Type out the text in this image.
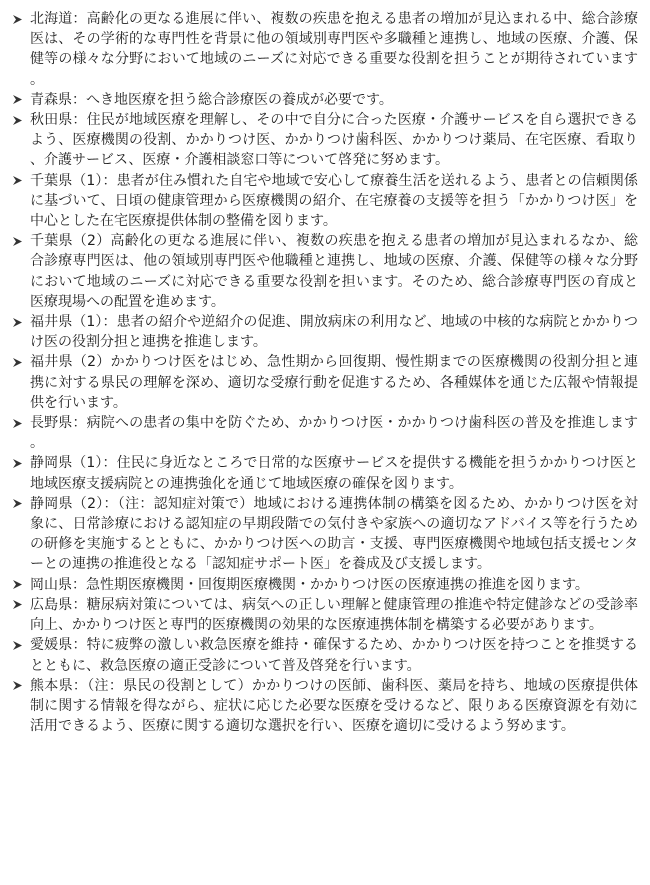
北海道：高齢化の更なる進展に伴い、複数の疾患を抱える患者の増加が見込まれる中、総合診療医は、その学術的な専門性を背景に他の領域別専門医や多職種と連携し、地域の医療、介護、保健等の様々な分野において地域のニーズに対応できる重要な役割を担うことが期待されています。
青森県：へき地医療を担う総合診療医の養成が必要です。
秋田県：住民が地域医療を理解し、その中で自分に合った医療・介護サービスを自ら選択できるよう、医療機関の役割、かかりつけ医、かかりつけ歯科医、かかりつけ薬局、在宅医療、看取り、介護サービス、医療・介護相談窓口等について啓発に努めます。
千葉県（1）：患者が住み慣れた自宅や地域で安心して療養生活を送れるよう、患者との信頼関係に基づいて、日頃の健康管理から医療機関の紹介、在宅療養の支援等を担う「かかりつけ医」を中心とした在宅医療提供体制の整備を図ります。
千葉県（2）高齢化の更なる進展に伴い、複数の疾患を抱える患者の増加が見込まれるなか、総合診療専門医は、他の領域別専門医や他職種と連携し、地域の医療、介護、保健等の様々な分野において地域のニーズに対応できる重要な役割を担います。そのため、総合診療専門医の育成と医療現場への配置を進めます。
福井県（1）：患者の紹介や逆紹介の促進、開放病床の利用など、地域の中核的な病院とかかりつけ医の役割分担と連携を推進します。
福井県（2）かかりつけ医をはじめ、急性期から回復期、慢性期までの医療機関の役割分担と連携に対する県民の理解を深め、適切な受療行動を促進するため、各種媒体を通じた広報や情報提供を行います。
長野県：病院への患者の集中を防ぐため、かかりつけ医・かかりつけ歯科医の普及を推進します。
静岡県（1）：住民に身近なところで日常的な医療サービスを提供する機能を担うかかりつけ医と地域医療支援病院との連携強化を通じて地域医療の確保を図ります。
静岡県（2）：（注：認知症対策で）地域における連携体制の構築を図るため、かかりつけ医を対象に、日常診療における認知症の早期段階での気付きや家族への適切なアドバイス等を行うための研修を実施するとともに、かかりつけ医への助言・支援、専門医療機関や地域包括支援センターとの連携の推進役となる「認知症サポート医」を養成及び支援します。
岡山県：急性期医療機関・回復期医療機関・かかりつけ医の医療連携の推進を図ります。
広島県：糖尿病対策については、病気への正しい理解と健康管理の推進や特定健診などの受診率向上、かかりつけ医と専門的医療機関の効果的な医療連携体制を構築する必要があります。
愛媛県：特に疲弊の激しい救急医療を維持・確保するため、かかりつけ医を持つことを推奨するとともに、救急医療の適正受診について普及啓発を行います。
熊本県：（注：県民の役割として）かかりつけの医師、歯科医、薬局を持ち、地域の医療提供体制に関する情報を得ながら、症状に応じた必要な医療を受けるなど、限りある医療資源を有効に活用できるよう、医療に関する適切な選択を行い、医療を適切に受けるよう努めます。
